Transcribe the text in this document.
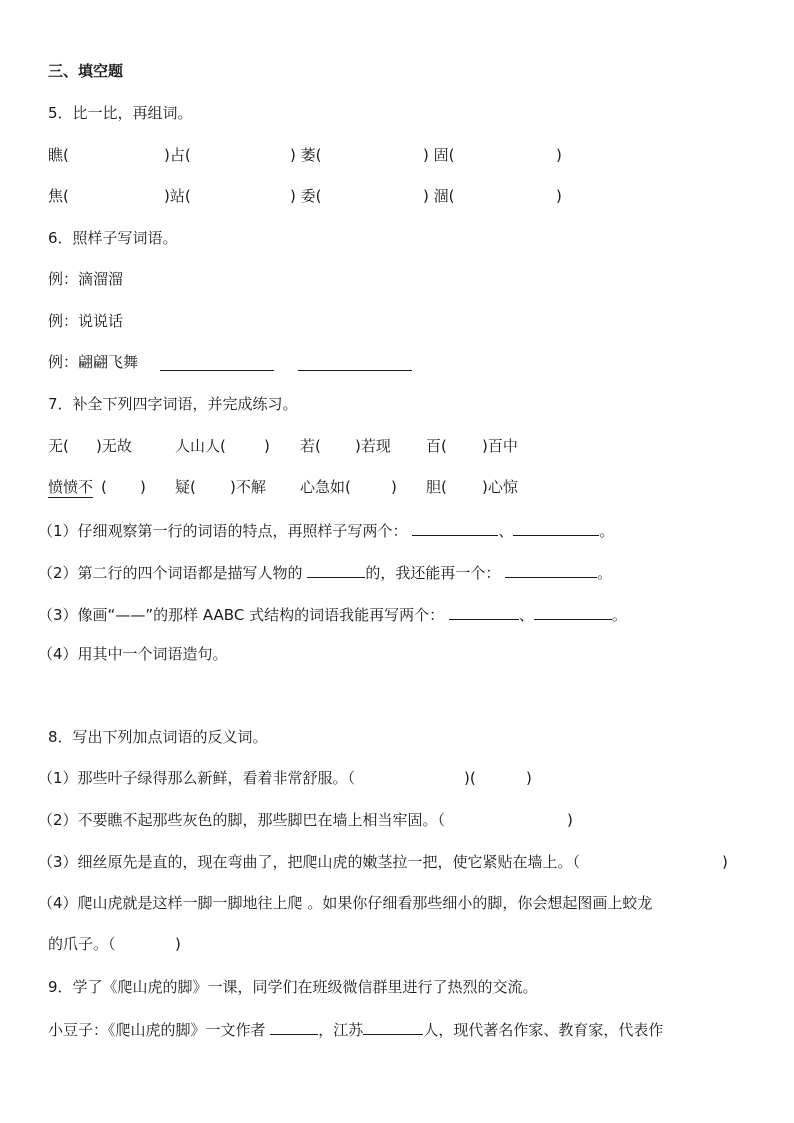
三、填空题
5．比一比，再组词。
瞧(	)占(	) 萎(	) 固(	)
焦(	)站(	) 委(	) 涸(	)
6．照样子写词语。
例：滴溜溜
例：说说话
例：翩翩飞舞
7．补全下列四字词语，并完成练习。
无( )无故	人山人(	) 若( )若现 百( )百中
愤愤不 ( ) 疑( )不解 心急如(	) 胆( )心惊
（1）仔细观察第一行的词语的特点，再照样子写两个：	、	。
（2）第二行的四个词语都是描写人物的	的，我还能再一个：	。
（3）像画“——”的那样 AABC 式结构的词语我能再写两个：	、	。
（4）用其中一个词语造句。
8．写出下列加点词语的反义词。
（1）那些叶子绿得那么新鲜，看着非常舒服。（	)(	)
（2）不要瞧不起那些灰色的脚，那些脚巴在墙上相当牢固。（	)
（3）细丝原先是直的，现在弯曲了，把爬山虎的嫩茎拉一把，使它紧贴在墙上。（	)
（4）爬山虎就是这样一脚一脚地往上爬 。如果你仔细看那些细小的脚，你会想起图画上蛟龙
的爪子。（	)
9．学了《爬山虎的脚》一课，同学们在班级微信群里进行了热烈的交流。
小豆子：《爬山虎的脚》一文作者	，江苏	人，现代著名作家、教育家，代表作
